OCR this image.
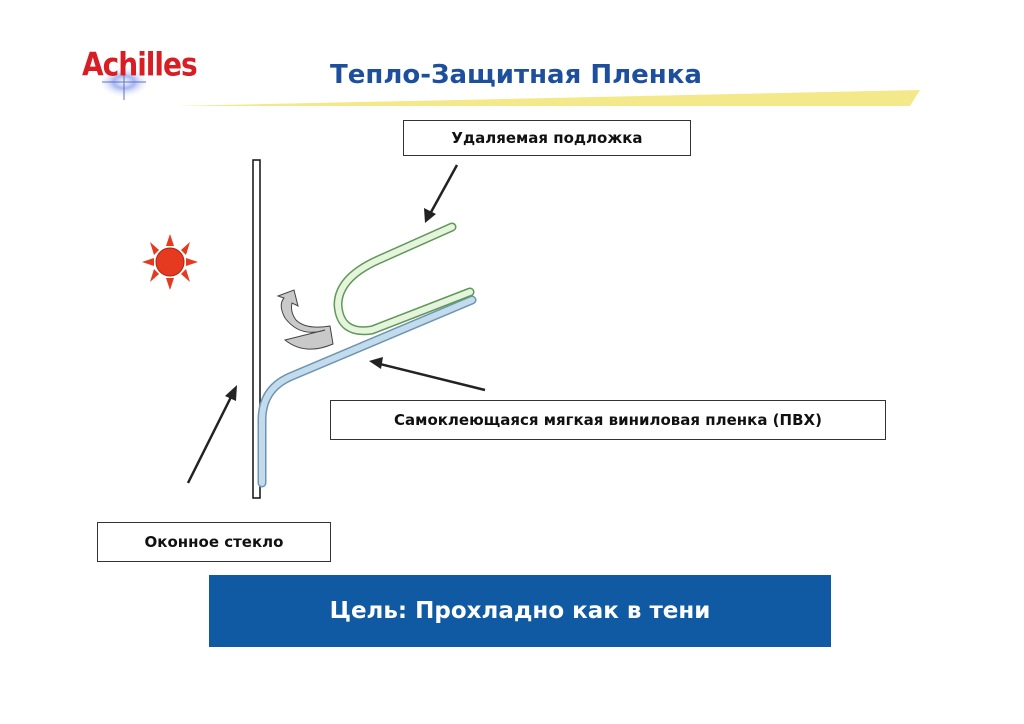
Achilles	Тепло-Защитная Пленка
Удаляемая подложка
Самоклеющаяся мягкая виниловая пленка (ПВХ)
Оконное стекло
Цель: Прохладно как в тени
